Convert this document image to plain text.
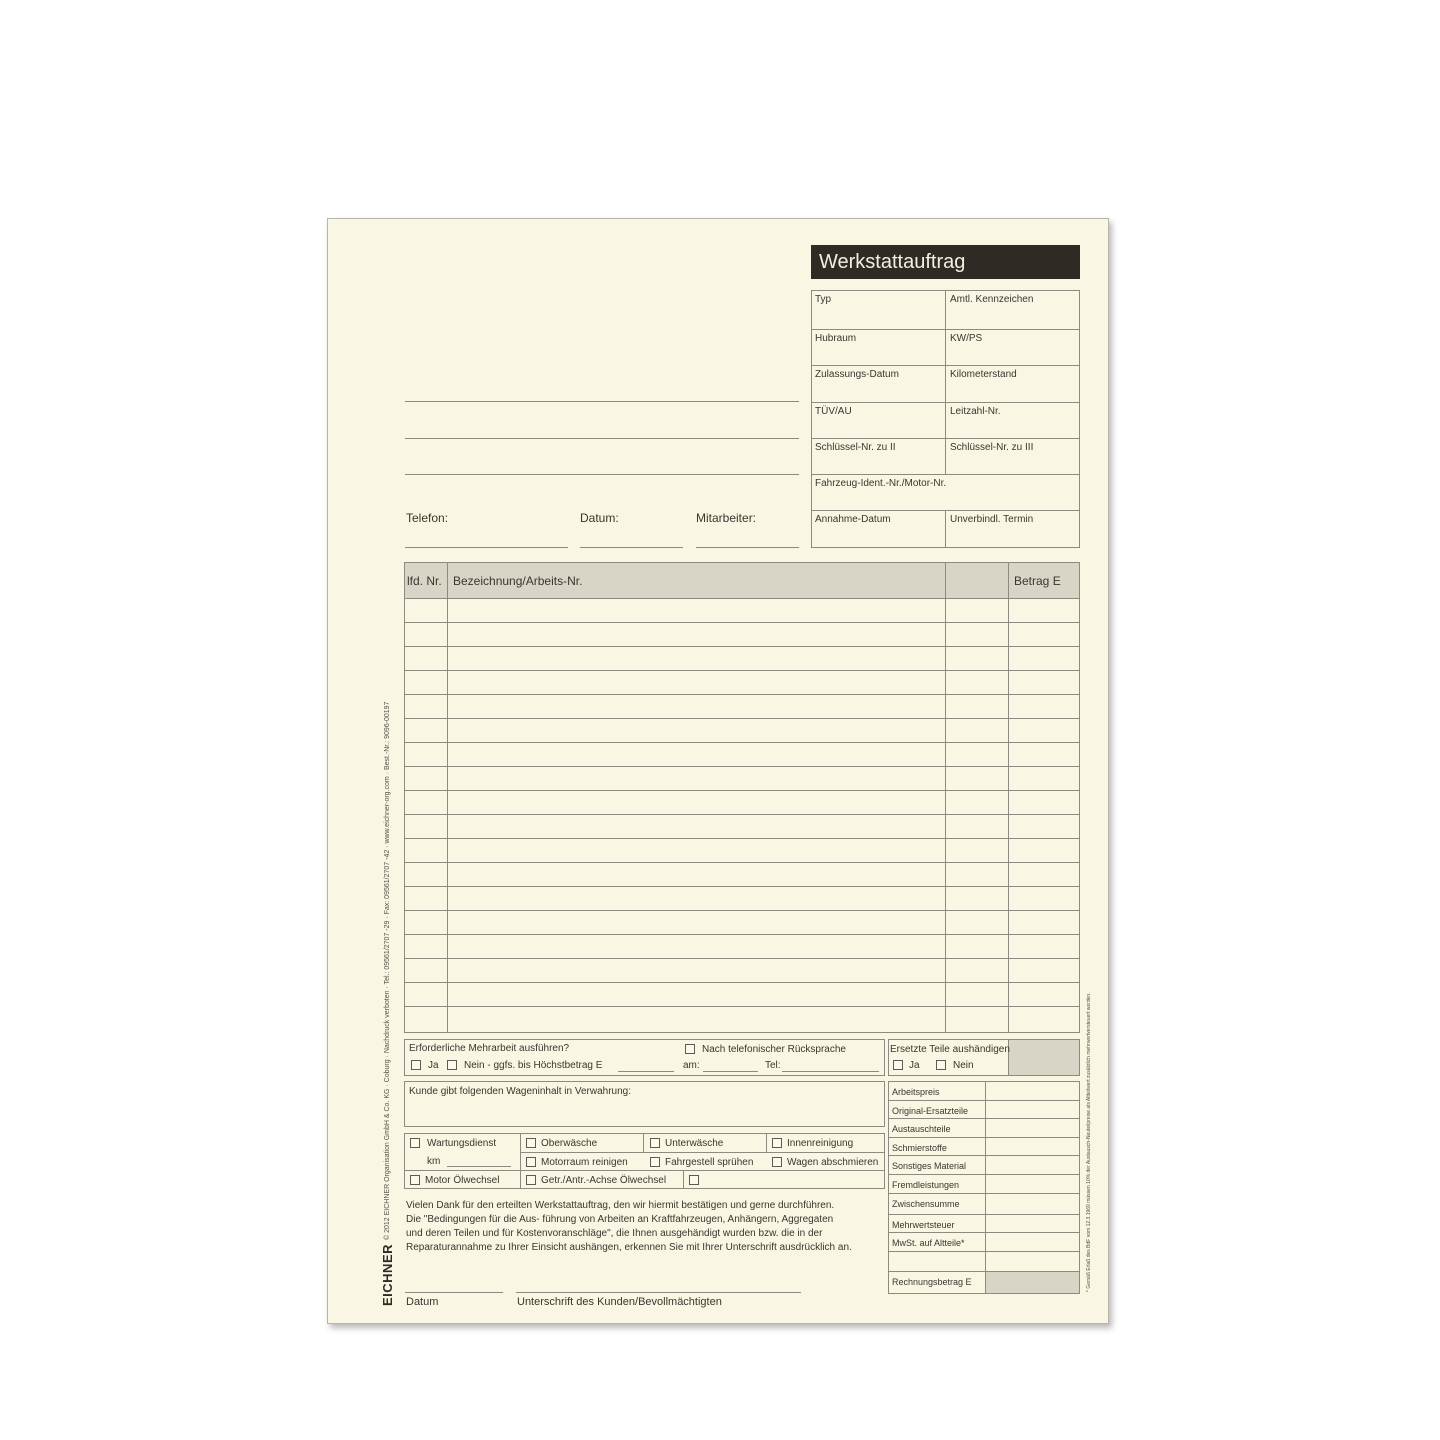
Werkstattauftrag
Typ	Amtl. Kennzeichen
Hubraum	KW/PS
Zulassungs-Datum	Kilometerstand
TÜV/AU	Leitzahl-Nr.
Schlüssel-Nr. zu II	Schlüssel-Nr. zu III
Fahrzeug-Ident.-Nr./Motor-Nr.
Annahme-Datum	Unverbindl. Termin
Telefon:	Datum:	Mitarbeiter:
lfd. Nr. Bezeichnung/Arbeits-Nr.	Betrag E
Erforderliche Mehrarbeit ausführen?
Ja	Nein - ggfs. bis Höchstbetrag E
Nach telefonischer Rücksprache
am:	Tel:
Ersetzte Teile aushändigen
Ja	Nein
Kunde gibt folgenden Wageninhalt in Verwahrung:
Wartungsdienst
km
Motor Ölwechsel
Oberwäsche
Motorraum reinigen
Getr./Antr.-Achse Ölwechsel
Unterwäsche
Fahrgestell sprühen
Innenreinigung
Wagen abschmieren
Arbeitspreis
Original-Ersatzteile
Austauschteile
Schmierstoffe
Sonstiges Material
Fremdleistungen
Zwischensumme
Mehrwertsteuer
MwSt. auf Altteile*
Rechnungsbetrag E
Vielen Dank für den erteilten Werkstattauftrag, den wir hiermit bestätigen und gerne durchführen.
Die "Bedingungen für die Aus- führung von Arbeiten an Kraftfahrzeugen, Anhängern, Aggregaten
und deren Teilen und für Kostenvoranschläge", die Ihnen ausgehändigt wurden bzw. die in der
Reparaturannahme zu Ihrer Einsicht aushängen, erkennen Sie mit Ihrer Unterschrift ausdrücklich an.
Datum	Unterschrift des Kunden/Bevollmächtigten
EICHNER
© 2012 EICHNER Organisation GmbH & Co. KG · Coburg · Nachdruck verboten · Tel.: 09561/2707 -29 · Fax: 09561/2707 -42 · www.eichner-org.com · Best.-Nr.: 9096-00197	* Gemäß Erlaß des BdF vom 12.3.1969 müssen 10% der Austausch-Neuteilpreise als Altteilwert zusätzlich mehrwertversteuert werden.
